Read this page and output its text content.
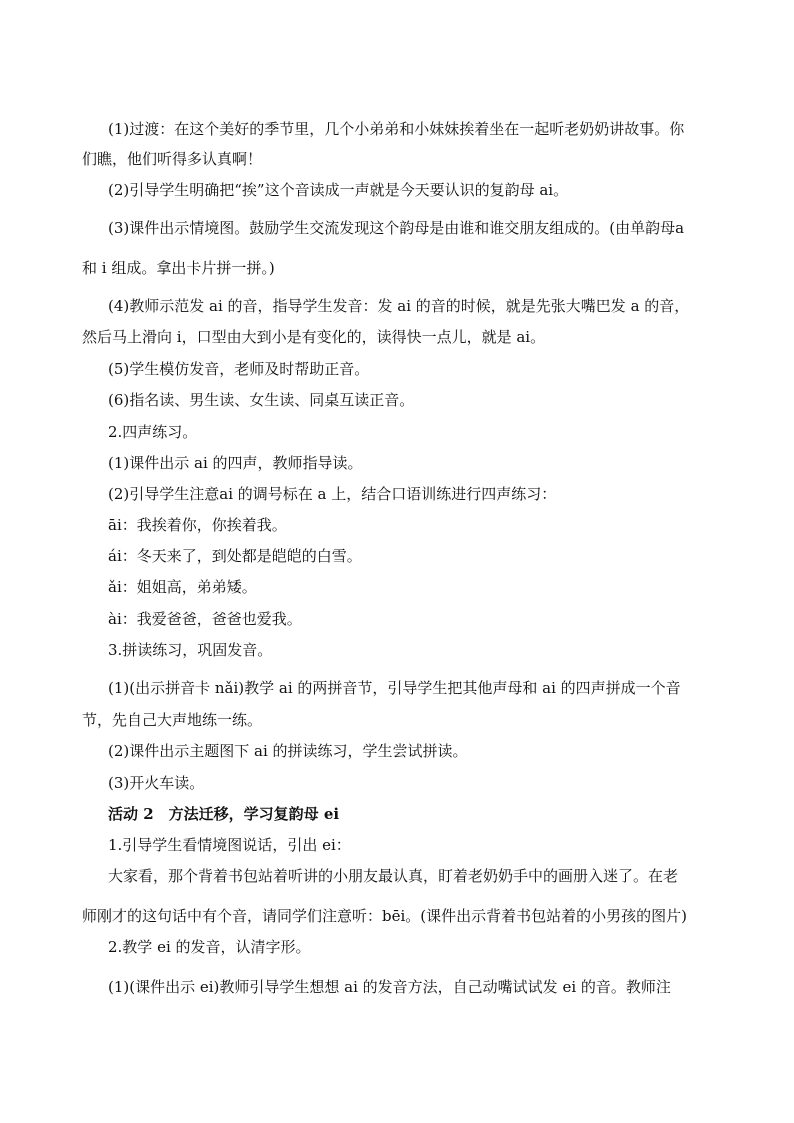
(1)过渡：在这个美好的季节里，几个小弟弟和小妹妹挨着坐在一起听老奶奶讲故事。你
们瞧，他们听得多认真啊！
(2)引导学生明确把“挨”这个音读成一声就是今天要认识的复韵母 ai。
(3)课件出示情境图。鼓励学生交流发现这个韵母是由谁和谁交朋友组成的。(由单韵母a
和 i 组成。拿出卡片拼一拼。)
(4)教师示范发 ai 的音，指导学生发音：发 ai 的音的时候，就是先张大嘴巴发 a 的音，
然后马上滑向 i，口型由大到小是有变化的，读得快一点儿，就是 ai。
(5)学生模仿发音，老师及时帮助正音。
(6)指名读、男生读、女生读、同桌互读正音。
2.四声练习。
(1)课件出示 ai 的四声，教师指导读。
(2)引导学生注意ai 的调号标在 a 上，结合口语训练进行四声练习：
āi：我挨着你，你挨着我。
ái：冬天来了，到处都是皑皑的白雪。
ǎi：姐姐高，弟弟矮。
ài：我爱爸爸，爸爸也爱我。
3.拼读练习，巩固发音。
(1)(出示拼音卡 nǎi)教学 ai 的两拼音节，引导学生把其他声母和 ai 的四声拼成一个音
节，先自己大声地练一练。
(2)课件出示主题图下 ai 的拼读练习，学生尝试拼读。
(3)开火车读。
活动 2　方法迁移，学习复韵母 ei
1.引导学生看情境图说话，引出 ei：
大家看，那个背着书包站着听讲的小朋友最认真，盯着老奶奶手中的画册入迷了。在老
师刚才的这句话中有个音，请同学们注意听：bēi。(课件出示背着书包站着的小男孩的图片)
2.教学 ei 的发音，认清字形。
(1)(课件出示 ei)教师引导学生想想 ai 的发音方法，自己动嘴试试发 ei 的音。教师注
